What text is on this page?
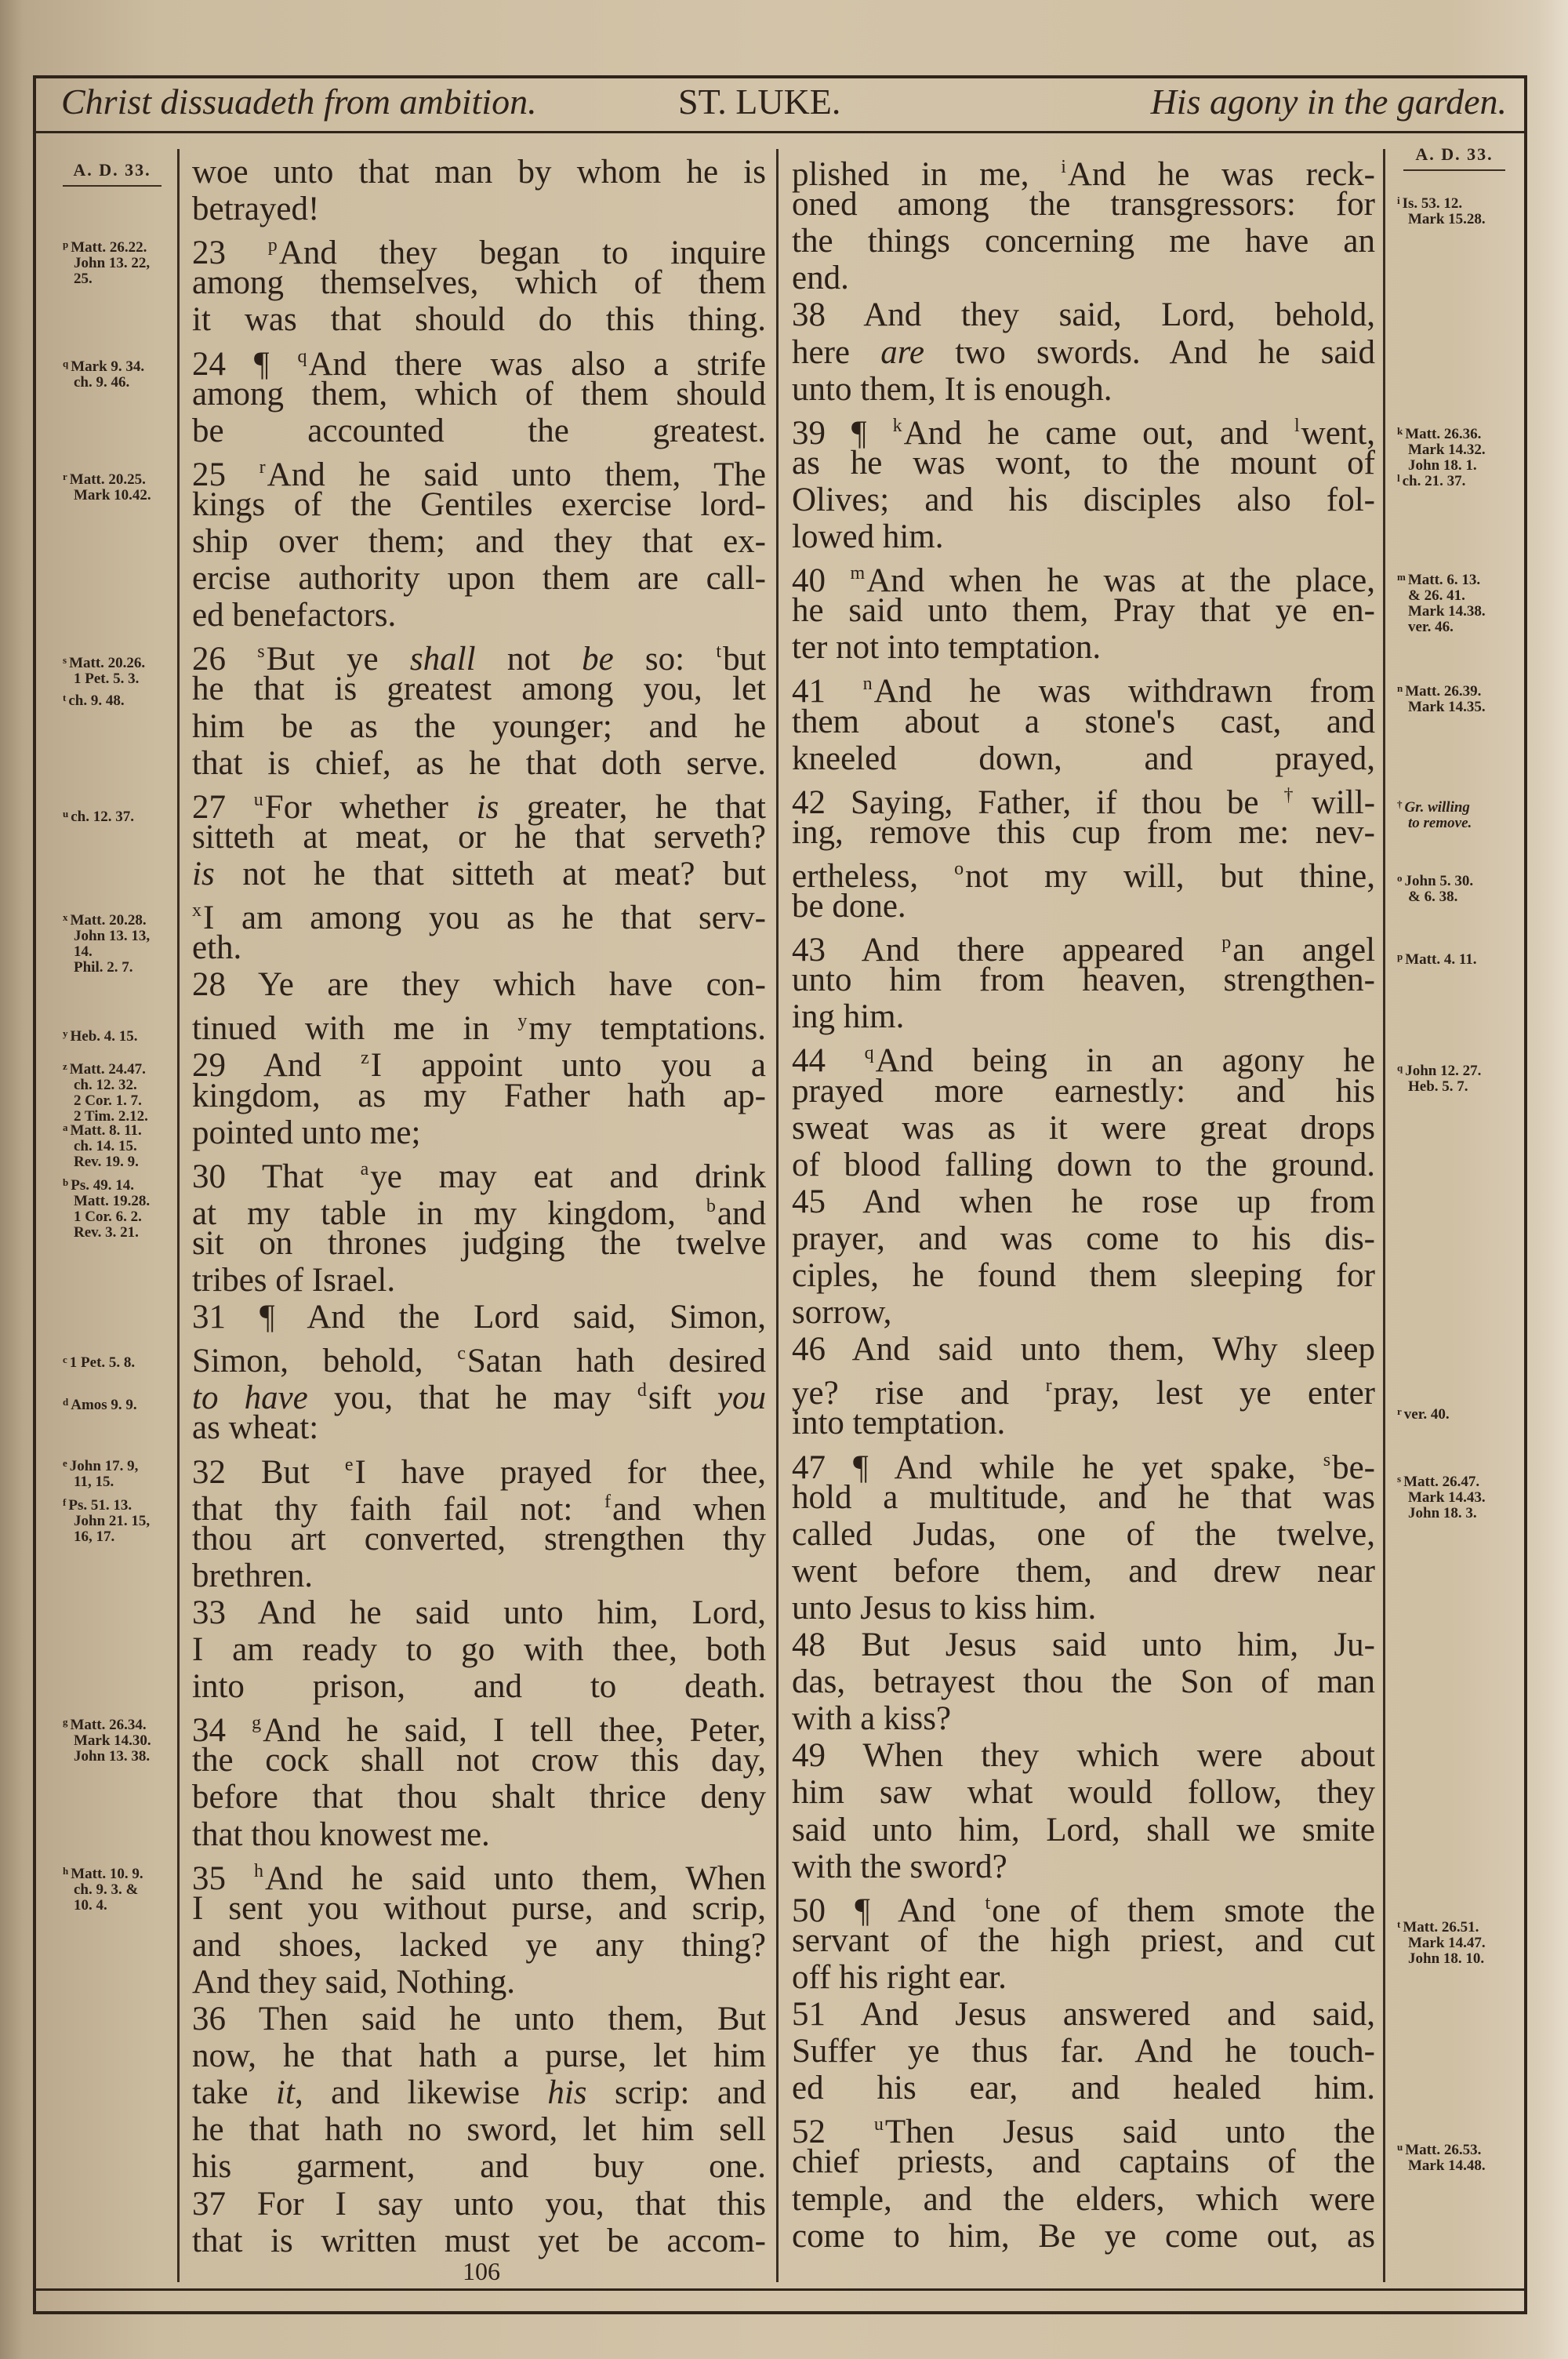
Christ dissuadeth from ambition.	ST. LUKE.	His agony in the garden.
A. D. 33.
A. D. 33.
woe unto that man by whom he is
betrayed!
23 $^p$And they began to inquire
among themselves, which of them
it was that should do this thing.
24 ¶ $^q$And there was also a strife
among them, which of them should
be accounted the greatest.
25 $^r$And he said unto them, The
kings of the Gentiles exercise lord-
ship over them; and they that ex-
ercise authority upon them are call-
ed benefactors.
26 $^s$But ye shall not be so: $^t$but
he that is greatest among you, let
him be as the younger; and he
that is chief, as he that doth serve.
27 $^u$For whether is greater, he that
sitteth at meat, or he that serveth?
is not he that sitteth at meat? but
$^x$I am among you as he that serv-
eth.
28 Ye are they which have con-
tinued with me in $^y$my temptations.
29 And $^z$I appoint unto you a
kingdom, as my Father hath ap-
pointed unto me;
30 That $^a$ye may eat and drink
at my table in my kingdom, $^b$and
sit on thrones judging the twelve
tribes of Israel.
31 ¶ And the Lord said, Simon,
Simon, behold, $^c$Satan hath desired
to have you, that he may $^d$sift you
as wheat:
32 But $^e$I have prayed for thee,
that thy faith fail not: $^f$and when
thou art converted, strengthen thy
brethren.
33 And he said unto him, Lord,
I am ready to go with thee, both
into prison, and to death.
34 $^g$And he said, I tell thee, Peter,
the cock shall not crow this day,
before that thou shalt thrice deny
that thou knowest me.
35 $^h$And he said unto them, When
I sent you without purse, and scrip,
and shoes, lacked ye any thing?
And they said, Nothing.
36 Then said he unto them, But
now, he that hath a purse, let him
take it, and likewise his scrip: and
he that hath no sword, let him sell
his garment, and buy one.
37 For I say unto you, that this
that is written must yet be accom-
plished in me, $^i$And he was reck-
oned among the transgressors: for
the things concerning me have an
end.
38 And they said, Lord, behold,
here are two swords. And he said
unto them, It is enough.
39 ¶ $^k$And he came out, and $^l$went,
as he was wont, to the mount of
Olives; and his disciples also fol-
lowed him.
40 $^m$And when he was at the place,
he said unto them, Pray that ye en-
ter not into temptation.
41 $^n$And he was withdrawn from
them about a stone's cast, and
kneeled down, and prayed,
42 Saying, Father, if thou be †will-
ing, remove this cup from me: nev-
ertheless, $^o$not my will, but thine,
be done.
43 And there appeared $^p$an angel
unto him from heaven, strengthen-
ing him.
44 $^q$And being in an agony he
prayed more earnestly: and his
sweat was as it were great drops
of blood falling down to the ground.
45 And when he rose up from
prayer, and was come to his dis-
ciples, he found them sleeping for
sorrow,
46 And said unto them, Why sleep
ye? rise and $^r$pray, lest ye enter
into temptation.
47 ¶ And while he yet spake, $^s$be-
hold a multitude, and he that was
called Judas, one of the twelve,
went before them, and drew near
unto Jesus to kiss him.
48 But Jesus said unto him, Ju-
das, betrayest thou the Son of man
with a kiss?
49 When they which were about
him saw what would follow, they
said unto him, Lord, shall we smite
with the sword?
50 ¶ And $^t$one of them smote the
servant of the high priest, and cut
off his right ear.
51 And Jesus answered and said,
Suffer ye thus far. And he touch-
ed his ear, and healed him.
52 $^u$Then Jesus said unto the
chief priests, and captains of the
temple, and the elders, which were
come to him, Be ye come out, as
$^p$ Matt. 26.22.
John 13. 22,
25.
$^q$ Mark 9. 34.
ch. 9. 46.
$^r$ Matt. 20.25.
Mark 10.42.
$^s$ Matt. 20.26.
1 Pet. 5. 3.
$^t$ ch. 9. 48.
$^u$ ch. 12. 37.
$^x$ Matt. 20.28.
John 13. 13,
14.
Phil. 2. 7.
$^y$ Heb. 4. 15.
$^z$ Matt. 24.47.
ch. 12. 32.
2 Cor. 1. 7.
2 Tim. 2.12.
$^a$ Matt. 8. 11.
ch. 14. 15.
Rev. 19. 9.
$^b$ Ps. 49. 14.
Matt. 19.28.
1 Cor. 6. 2.
Rev. 3. 21.
$^c$ 1 Pet. 5. 8.
$^d$ Amos 9. 9.
$^e$ John 17. 9,
11, 15.
$^f$ Ps. 51. 13.
John 21. 15,
16, 17.
$^g$ Matt. 26.34.
Mark 14.30.
John 13. 38.
$^h$ Matt. 10. 9.
ch. 9. 3. &
10. 4.
$^i$ Is. 53. 12.
Mark 15.28.
$^k$ Matt. 26.36.
Mark 14.32.
John 18. 1.
$^l$ ch. 21. 37.
$^m$ Matt. 6. 13.
& 26. 41.
Mark 14.38.
ver. 46.
$^n$ Matt. 26.39.
Mark 14.35.
† Gr. willing
to remove.
$^o$ John 5. 30.
& 6. 38.
$^p$ Matt. 4. 11.
$^q$ John 12. 27.
Heb. 5. 7.
$^r$ ver. 40.
$^s$ Matt. 26.47.
Mark 14.43.
John 18. 3.
$^t$ Matt. 26.51.
Mark 14.47.
John 18. 10.
$^u$ Matt. 26.53.
Mark 14.48.
106
